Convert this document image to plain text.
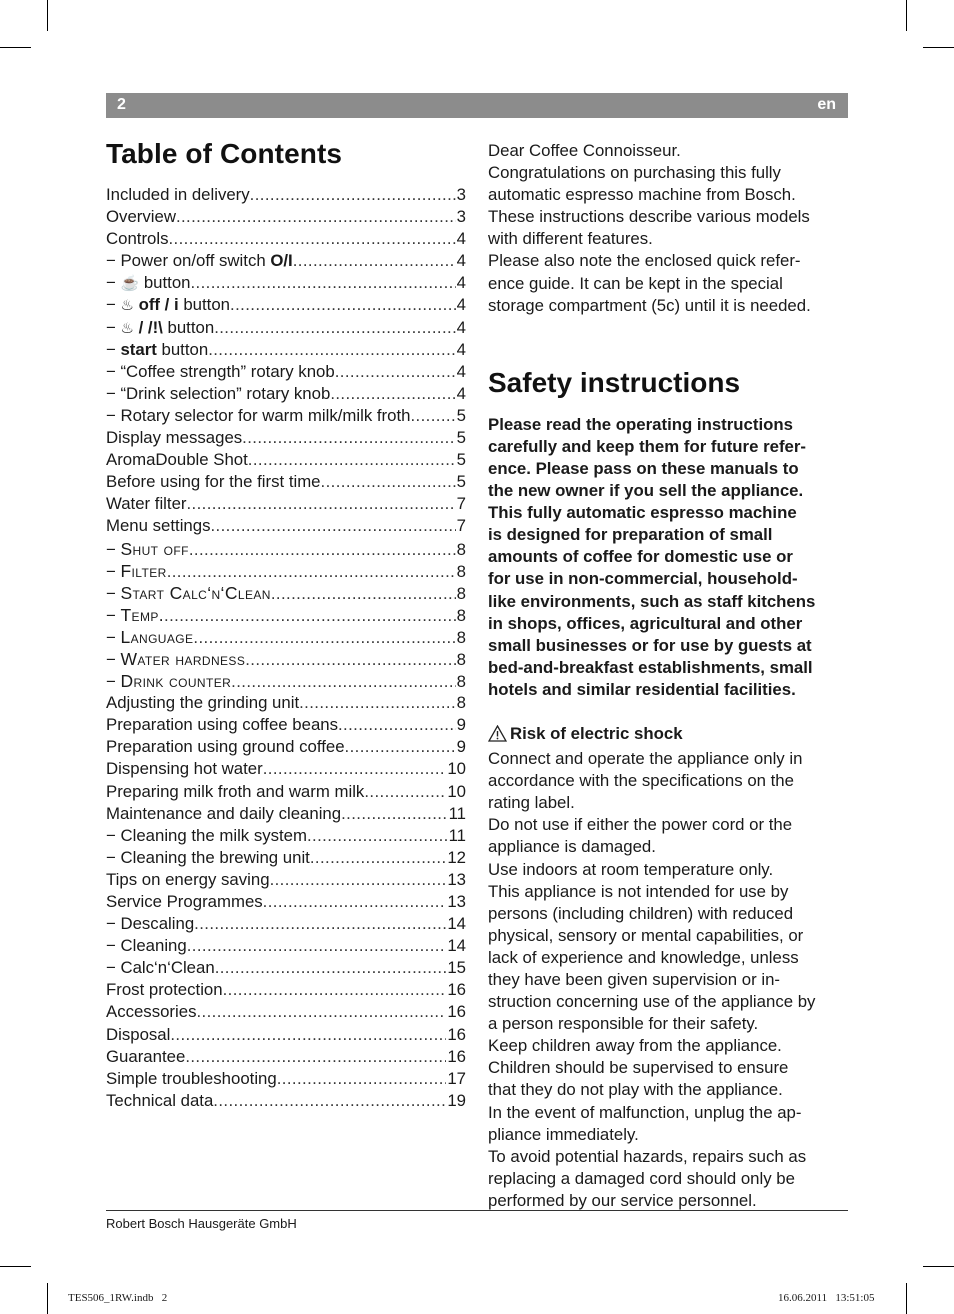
2	en
Table of Contents
Included in delivery .....	3
Overview .....	3
Controls .....	4
− Power on/off switch O/I .....	4
− ☕ button .....	4
− ♨ off / i button .....	4
− ♨ / /!\ button .....	4
− start button .....	4
− “Coffee strength” rotary knob .....	4
− “Drink selection” rotary knob .....	4
− Rotary selector for warm milk/milk froth .....	5
Display messages .....	5
AromaDouble Shot .....	5
Before using for the first time .....	5
Water filter .....	7
Menu settings .....	7
− Shut off .....	8
− Filter .....	8
− Start Calc‘n‘Clean .....	8
− Temp. .....	8
− Language .....	8
− Water hardness .....	8
− Drink counter .....	8
Adjusting the grinding unit .....	8
Preparation using coffee beans .....	9
Preparation using ground coffee .....	9
Dispensing hot water .....	10
Preparing milk froth and warm milk .....	10
Maintenance and daily cleaning .....	11
− Cleaning the milk system .....	11
− Cleaning the brewing unit .....	12
Tips on energy saving .....	13
Service Programmes .....	13
− Descaling .....	14
− Cleaning .....	14
− Calc‘n‘Clean .....	15
Frost protection .....	16
Accessories .....	16
Disposal .....	16
Guarantee .....	16
Simple troubleshooting .....	17
Technical data .....	19
Dear Coffee Connoisseur.
Congratulations on purchasing this fully
automatic espresso machine from Bosch.
These instructions describe various models
with different features.
Please also note the enclosed quick refer-
ence guide. It can be kept in the special
storage compartment (5c) until it is needed.
Safety instructions
Please read the operating instructions
carefully and keep them for future refer-
ence. Please pass on these manuals to
the new owner if you sell the appliance.
This fully automatic espresso machine
is designed for preparation of small
amounts of coffee for domestic use or
for use in non-commercial, household-
like environments, such as staff kitchens
in shops, offices, agricultural and other
small businesses or for use by guests at
bed-and-breakfast establishments, small
hotels and similar residential facilities.
Risk of electric shock
Connect and operate the appliance only in
accordance with the specifications on the
rating label.
Do not use if either the power cord or the
appliance is damaged.
Use indoors at room temperature only.
This appliance is not intended for use by
persons (including children) with reduced
physical, sensory or mental capabilities, or
lack of experience and knowledge, unless
they have been given supervision or in-
struction concerning use of the appliance by
a person responsible for their safety.
Keep children away from the appliance.
Children should be supervised to ensure
that they do not play with the appliance.
In the event of malfunction, unplug the ap-
pliance immediately.
To avoid potential hazards, repairs such as
replacing a damaged cord should only be
performed by our service personnel.
Robert Bosch Hausgeräte GmbH
TES506_1RW.indb   2	16.06.2011   13:51:05
